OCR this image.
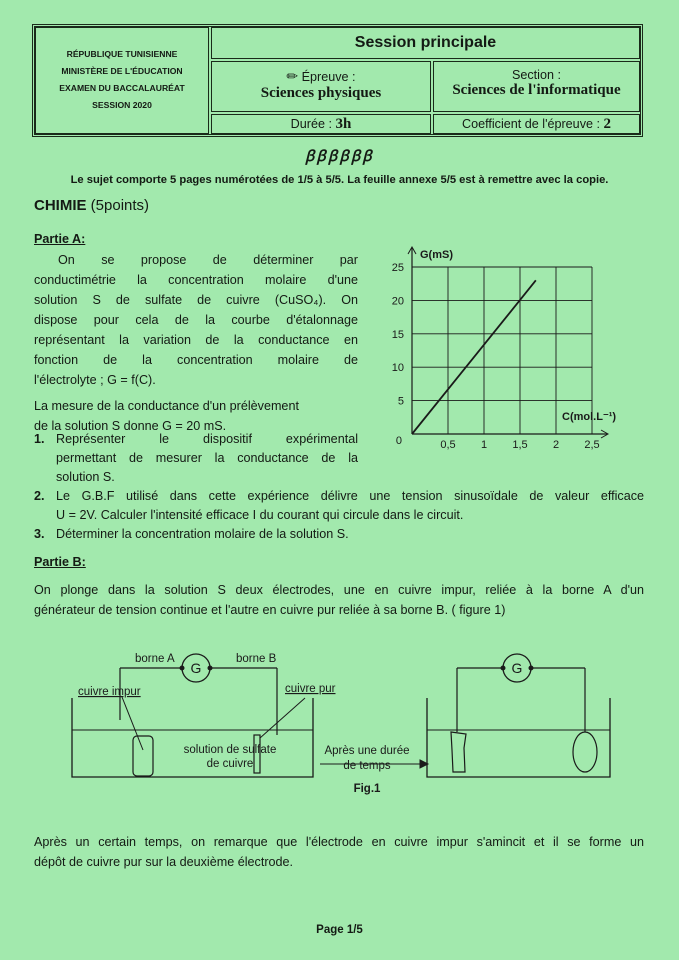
RÉPUBLIQUE TUNISIENNE
MINISTÈRE DE L'ÉDUCATION
EXAMEN DU BACCALAURÉAT
SESSION 2020
Session principale
✏ Épreuve :
Sciences physiques
Section :
Sciences de l'informatique
Durée : 3h	Coefficient de l'épreuve : 2
ꞵꞵꞵꞵꞵꞵ
Le sujet comporte 5 pages numérotées de 1/5 à 5/5. La feuille annexe 5/5 est à remettre avec la copie.
CHIMIE (5points)
Partie A:
On se propose de déterminer par
conductimétrie la concentration molaire d'une
solution S de sulfate de cuivre (CuSO₄). On
dispose pour cela de la courbe d'étalonnage
représentant la variation de la conductance en
fonction de la concentration molaire de
l'électrolyte ; G = f(C).
La mesure de la conductance d'un prélèvement
de la solution S donne G = 20 mS.
1. Représenter le dispositif expérimental
permettant de mesurer la conductance de la
solution S.
2. Le G.B.F utilisé dans cette expérience délivre une tension sinusoïdale de valeur efficace
U = 2V. Calculer l'intensité efficace I du courant qui circule dans le circuit.
3. Déterminer la concentration molaire de la solution S.
0,5 1 1,5 2 2,5
5
10
15
20
25
0
G(mS)
C(mol.L⁻¹)
Partie B:
On plonge dans la solution S deux électrodes, une en cuivre impur, reliée à la borne A d'un
générateur de tension continue et l'autre en cuivre pur reliée à sa borne B. ( figure 1)
borne A	borne B
G	G
cuivre impur	cuivre pur
solution de sulfate
de cuivre
Après une durée
de temps
Fig.1
Après un certain temps, on remarque que l'électrode en cuivre impur s'amincit et il se forme un
dépôt de cuivre pur sur la deuxième électrode.
Page 1/5
